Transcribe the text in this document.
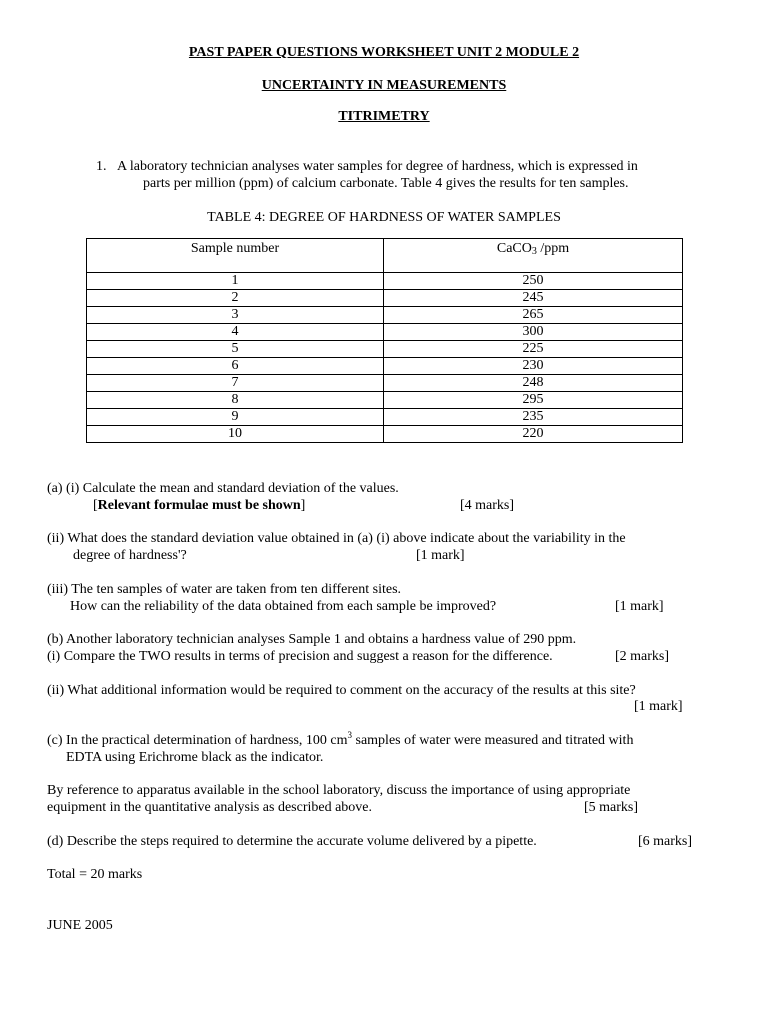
PAST PAPER QUESTIONS WORKSHEET UNIT 2 MODULE 2
UNCERTAINTY IN MEASUREMENTS
TITRIMETRY
1. A laboratory technician analyses water samples for degree of hardness, which is expressed in
parts per million (ppm) of calcium carbonate. Table 4 gives the results for ten samples.
TABLE 4: DEGREE OF HARDNESS OF WATER SAMPLES
Sample number	CaCO$_3$ /ppm
1	250
2	245
3	265
4	300
5	225
6	230
7	248
8	295
9	235
10	220
(a) (i) Calculate the mean and standard deviation of the values.
[Relevant formulae must be shown]	[4 marks]
(ii) What does the standard deviation value obtained in (a) (i) above indicate about the variability in the
degree of hardness'?	[1 mark]
(iii) The ten samples of water are taken from ten different sites.
How can the reliability of the data obtained from each sample be improved?	[1 mark]
(b) Another laboratory technician analyses Sample 1 and obtains a hardness value of 290 ppm.
(i) Compare the TWO results in terms of precision and suggest a reason for the difference.	[2 marks]
(ii) What additional information would be required to comment on the accuracy of the results at this site?
[1 mark]
(c) In the practical determination of hardness, 100 $cm^3$ samples of water were measured and titrated with
EDTA using Erichrome black as the indicator.
By reference to apparatus available in the school laboratory, discuss the importance of using appropriate
equipment in the quantitative analysis as described above.	[5 marks]
(d) Describe the steps required to determine the accurate volume delivered by a pipette.	[6 marks]
Total = 20 marks
JUNE 2005
